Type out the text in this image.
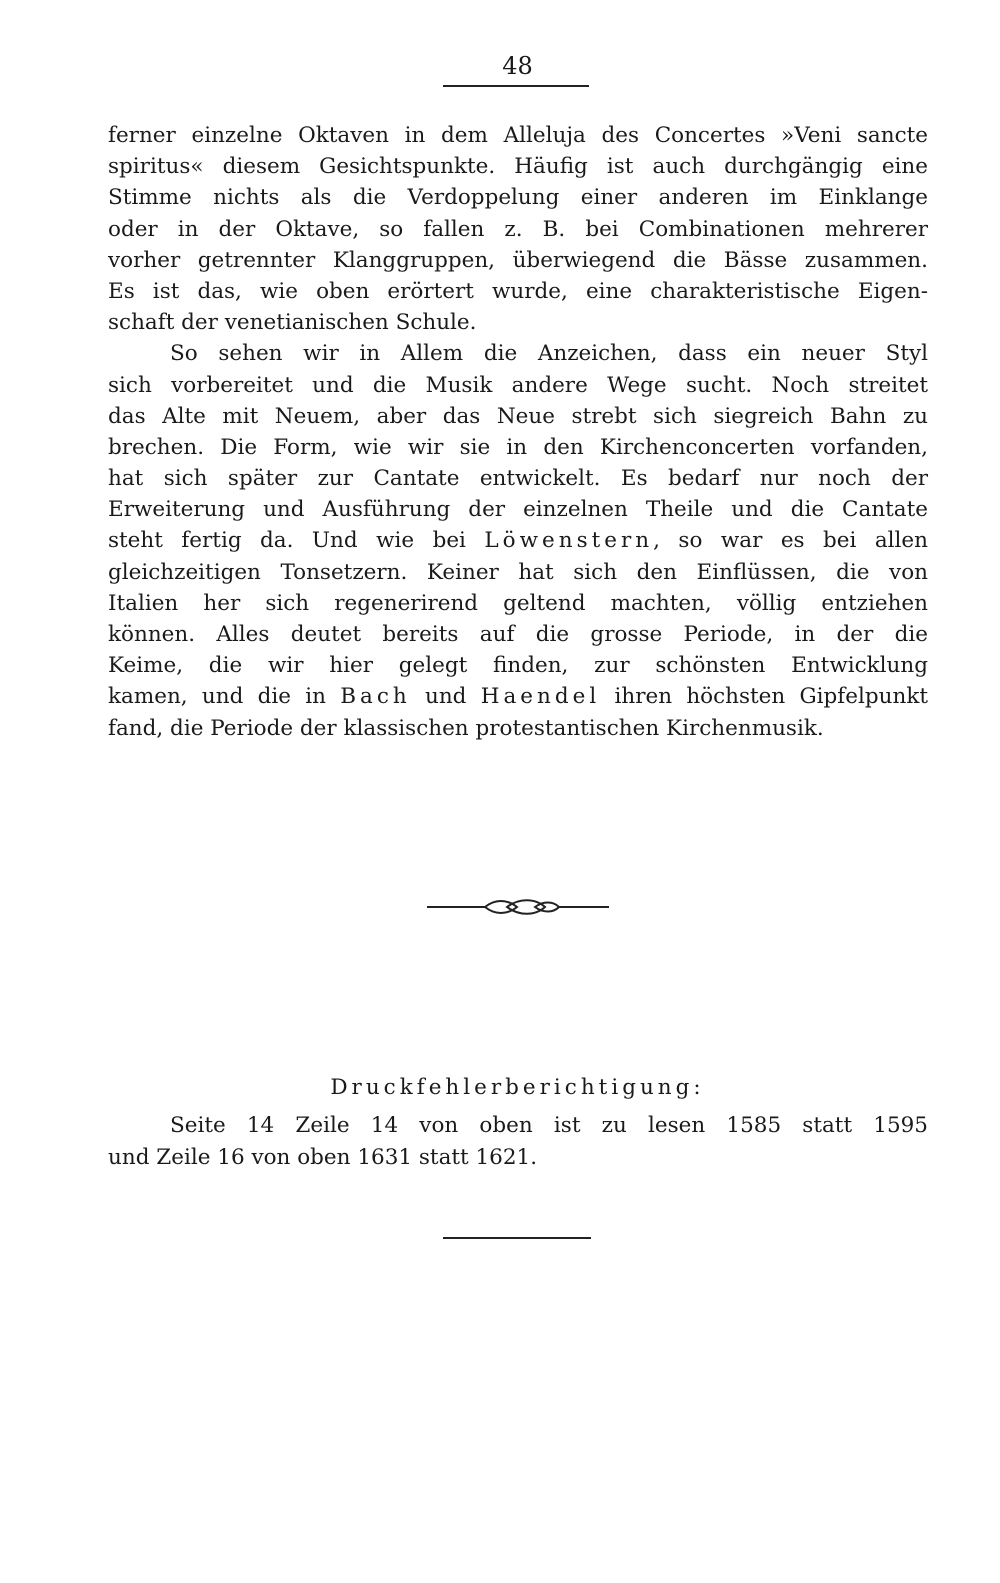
48
ferner einzelne Oktaven in dem Alleluja des Concertes »Veni sancte
spiritus« diesem Gesichtspunkte. Häufig ist auch durchgängig eine
Stimme nichts als die Verdoppelung einer anderen im Einklange
oder in der Oktave, so fallen z. B. bei Combinationen mehrerer
vorher getrennter Klanggruppen, überwiegend die Bässe zusammen.
Es ist das, wie oben erörtert wurde, eine charakteristische Eigen-
schaft der venetianischen Schule.
So sehen wir in Allem die Anzeichen, dass ein neuer Styl
sich vorbereitet und die Musik andere Wege sucht. Noch streitet
das Alte mit Neuem, aber das Neue strebt sich siegreich Bahn zu
brechen. Die Form, wie wir sie in den Kirchenconcerten vorfanden,
hat sich später zur Cantate entwickelt. Es bedarf nur noch der
Erweiterung und Ausführung der einzelnen Theile und die Cantate
steht fertig da. Und wie bei Löwenstern, so war es bei allen
gleichzeitigen Tonsetzern. Keiner hat sich den Einflüssen, die von
Italien her sich regenerirend geltend machten, völlig entziehen
können. Alles deutet bereits auf die grosse Periode, in der die
Keime, die wir hier gelegt finden, zur schönsten Entwicklung
kamen, und die in Bach und Haendel ihren höchsten Gipfelpunkt
fand, die Periode der klassischen protestantischen Kirchenmusik.
Druckfehlerberichtigung:
Seite 14 Zeile 14 von oben ist zu lesen 1585 statt 1595
und Zeile 16 von oben 1631 statt 1621.
